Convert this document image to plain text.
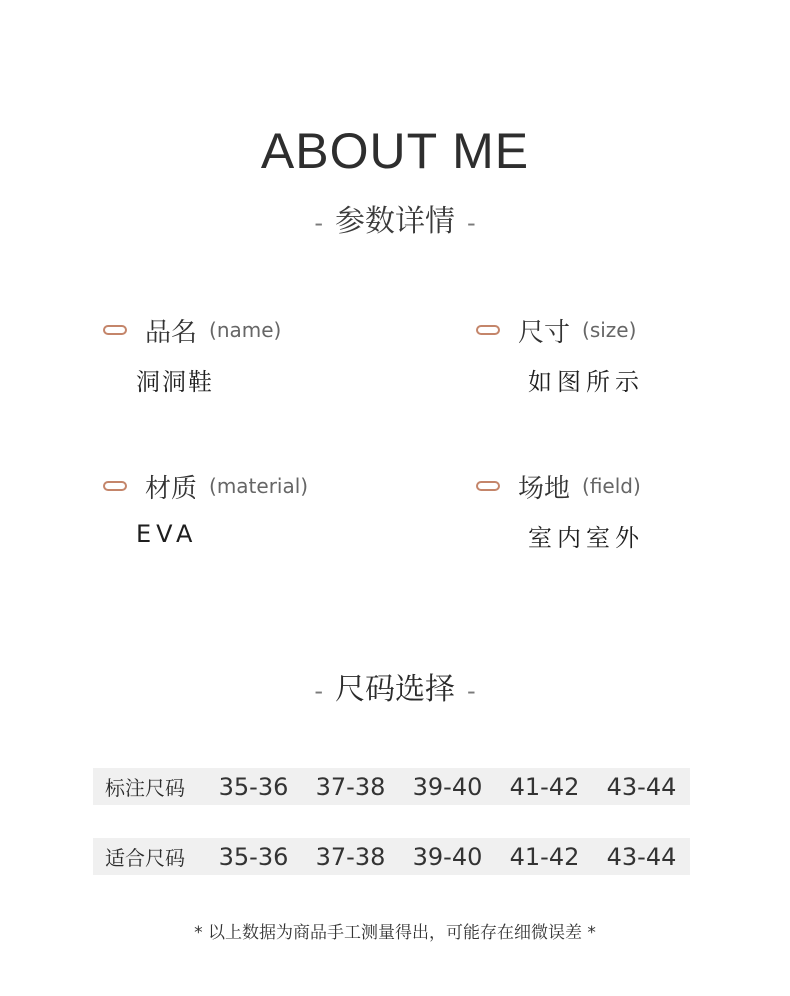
ABOUT ME
- 参数详情 -
品名 (name)
洞洞鞋
尺寸 (size)
如图所示
材质 (material)
EVA
场地 (field)
室内室外
- 尺码选择 -
标注尺码	35-36	37-38	39-40	41-42	43-44
适合尺码	35-36	37-38	39-40	41-42	43-44
* 以上数据为商品手工测量得出，可能存在细微误差 *
